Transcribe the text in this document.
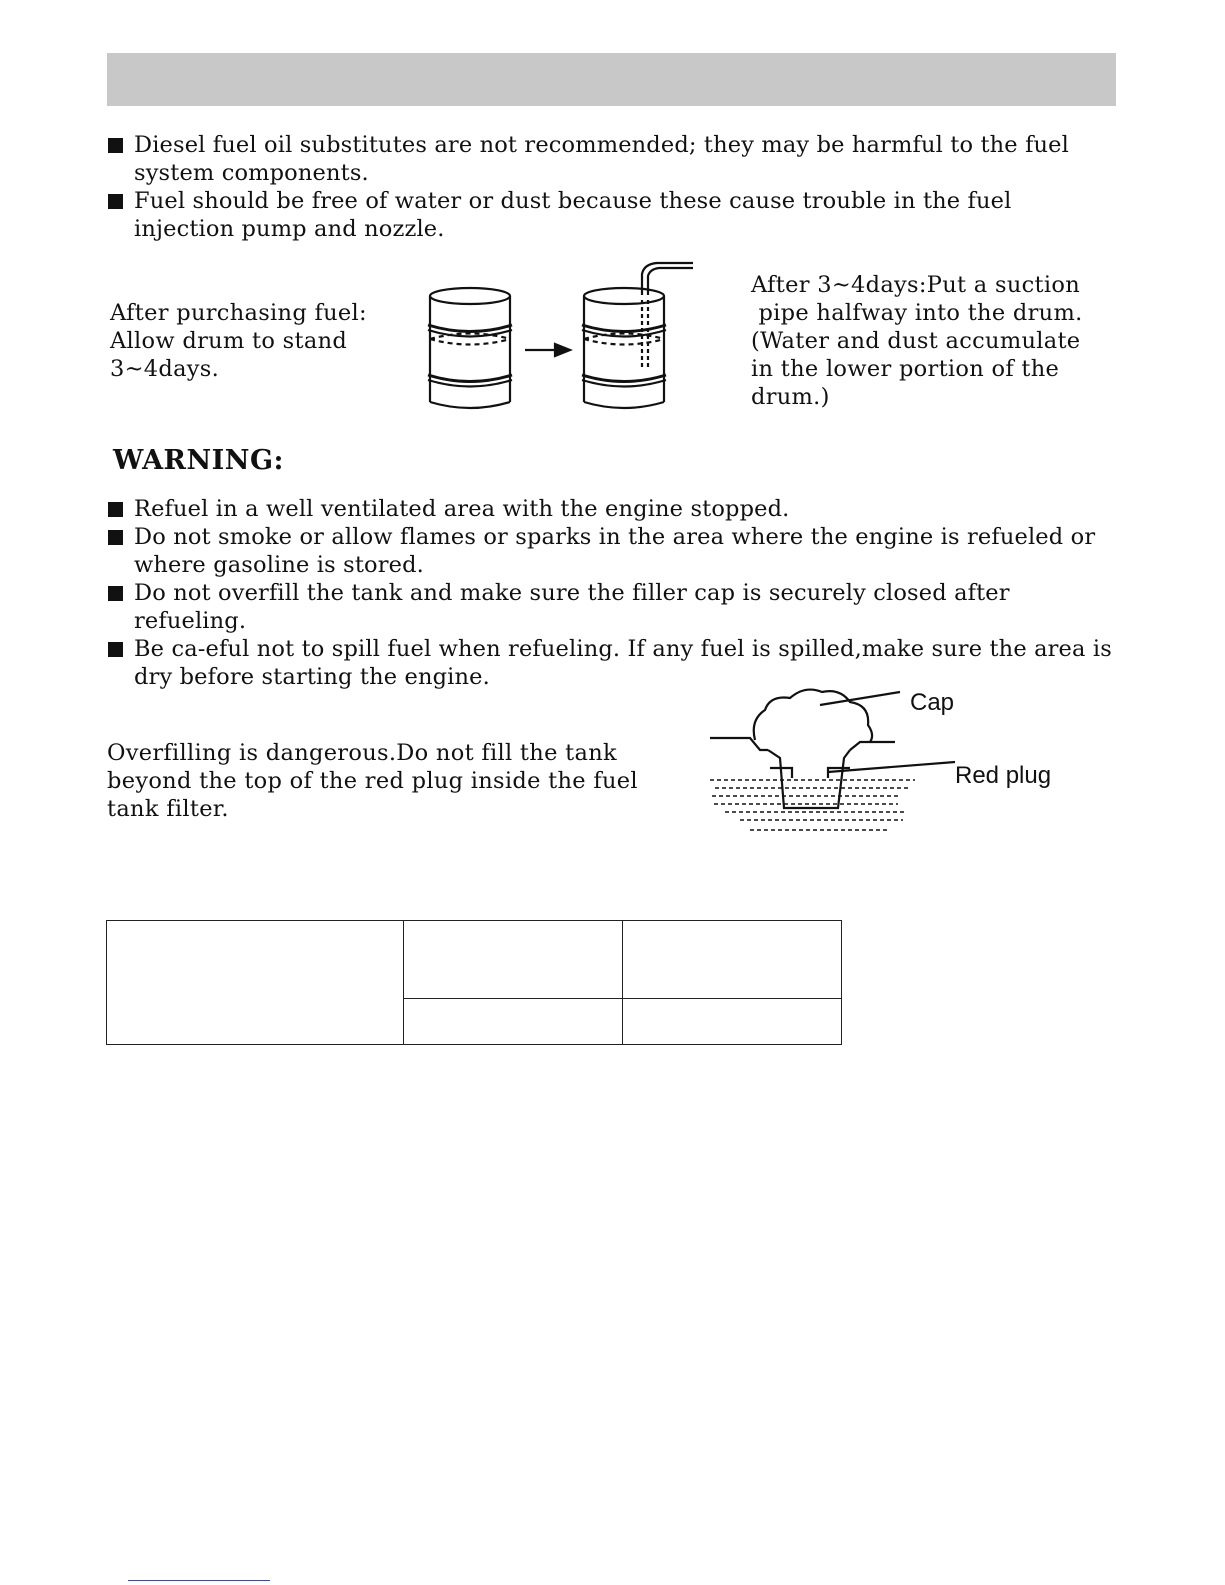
Diesel fuel oil substitutes are not recommended; they may be harmful to the fuel system components.
Fuel should be free of water or dust because these cause trouble in the fuel injection pump and nozzle.
After purchasing fuel:
Allow drum to stand
3~4days.
After 3~4days:Put a suction
pipe halfway into the drum.
(Water and dust accumulate
in the lower portion of the
drum.)
WARNING:
Refuel in a well ventilated area with the engine stopped.
Do not smoke or allow flames or sparks in the area where the engine is refueled or where gasoline is stored.
Do not overfill the tank and make sure the filler cap is securely closed after refueling.
Be ca-eful not to spill fuel when refueling. If any fuel is spilled,make sure the area is dry before starting the engine.
Overfilling is dangerous.Do not fill the tank
beyond the top of the red plug inside the fuel
tank filter.
Cap
Red plug
